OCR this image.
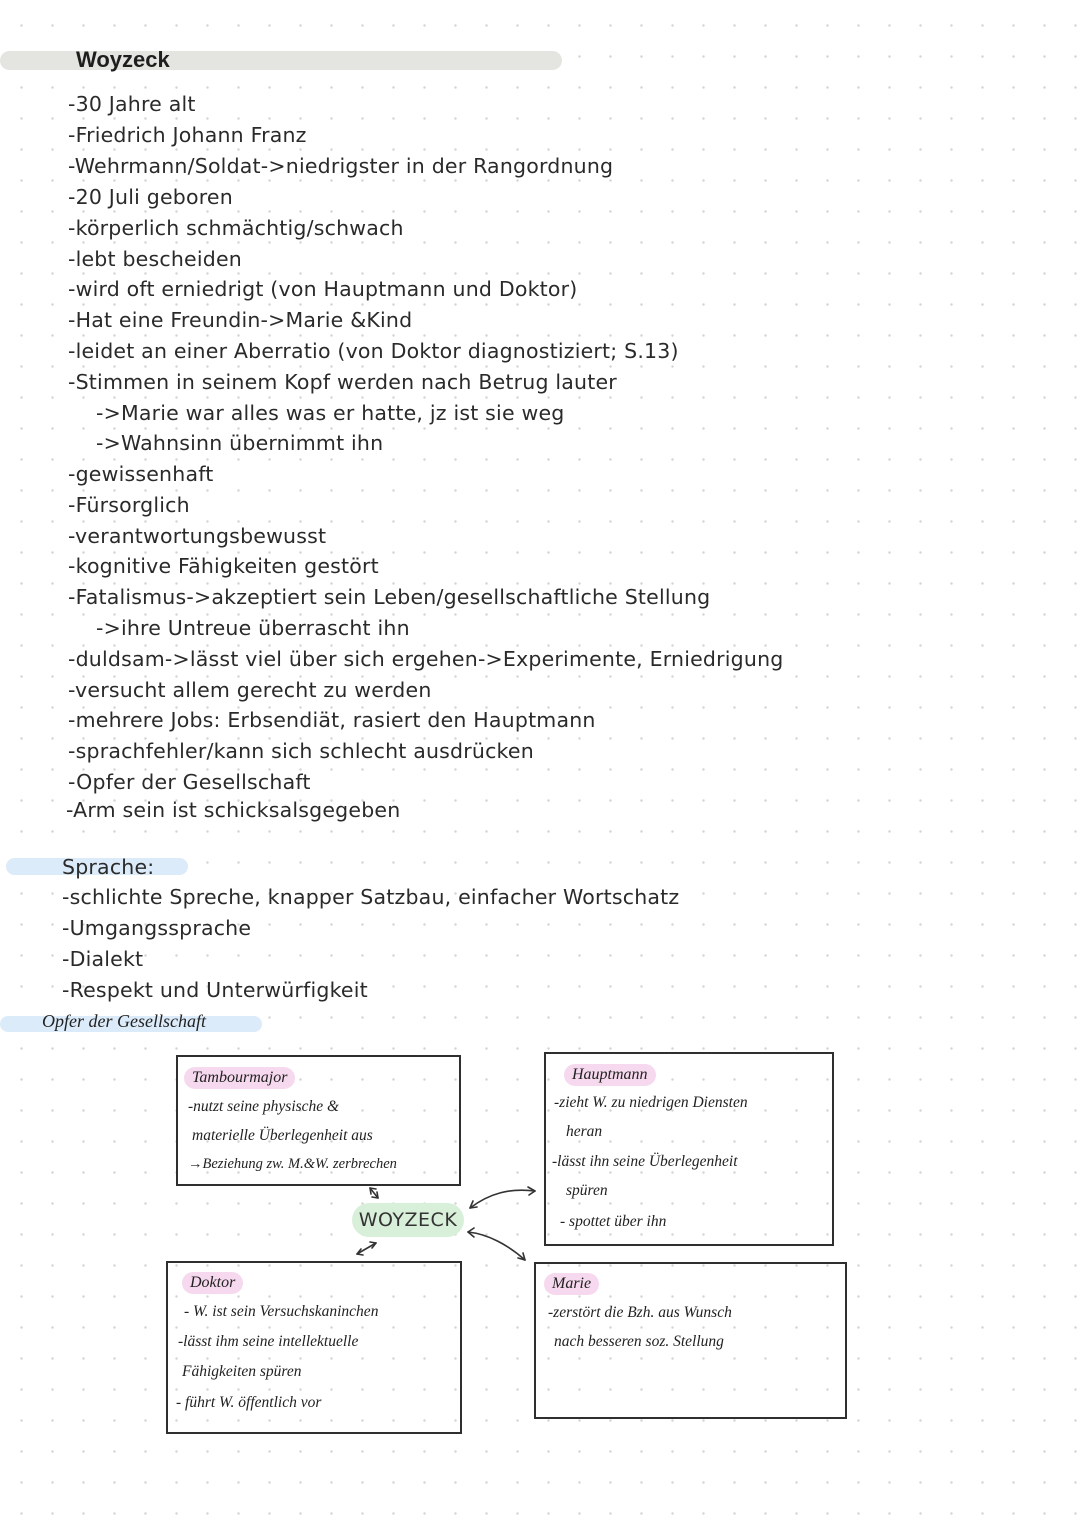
Woyzeck
-30 Jahre alt
-Friedrich Johann Franz
-Wehrmann/Soldat->niedrigster in der Rangordnung
-20 Juli geboren
-körperlich schmächtig/schwach
-lebt bescheiden
-wird oft erniedrigt (von Hauptmann und Doktor)
-Hat eine Freundin->Marie &Kind
-leidet an einer Aberratio (von Doktor diagnostiziert; S.13)
-Stimmen in seinem Kopf werden nach Betrug lauter
->Marie war alles was er hatte, jz ist sie weg
->Wahnsinn übernimmt ihn
-gewissenhaft
-Fürsorglich
-verantwortungsbewusst
-kognitive Fähigkeiten gestört
-Fatalismus->akzeptiert sein Leben/gesellschaftliche Stellung
->ihre Untreue überrascht ihn
-duldsam->lässt viel über sich ergehen->Experimente, Erniedrigung
-versucht allem gerecht zu werden
-mehrere Jobs: Erbsendiät, rasiert den Hauptmann
-sprachfehler/kann sich schlecht ausdrücken
-Opfer der Gesellschaft
-Arm sein ist schicksalsgegeben
Sprache:
-schlichte Spreche, knapper Satzbau, einfacher Wortschatz
-Umgangssprache
-Dialekt
-Respekt und Unterwürfigkeit
Opfer der Gesellschaft
WOYZECK
Tambourmajor
-nutzt seine physische &
materielle Überlegenheit aus
→Beziehung zw. M.&W. zerbrechen
Hauptmann
-zieht W. zu niedrigen Diensten
heran
-lässt ihn seine Überlegenheit
spüren
- spottet über ihn
Doktor
- W. ist sein Versuchskaninchen
-lässt ihm seine intellektuelle
Fähigkeiten spüren
- führt W. öffentlich vor
Marie
-zerstört die Bzh. aus Wunsch
nach besseren soz. Stellung
